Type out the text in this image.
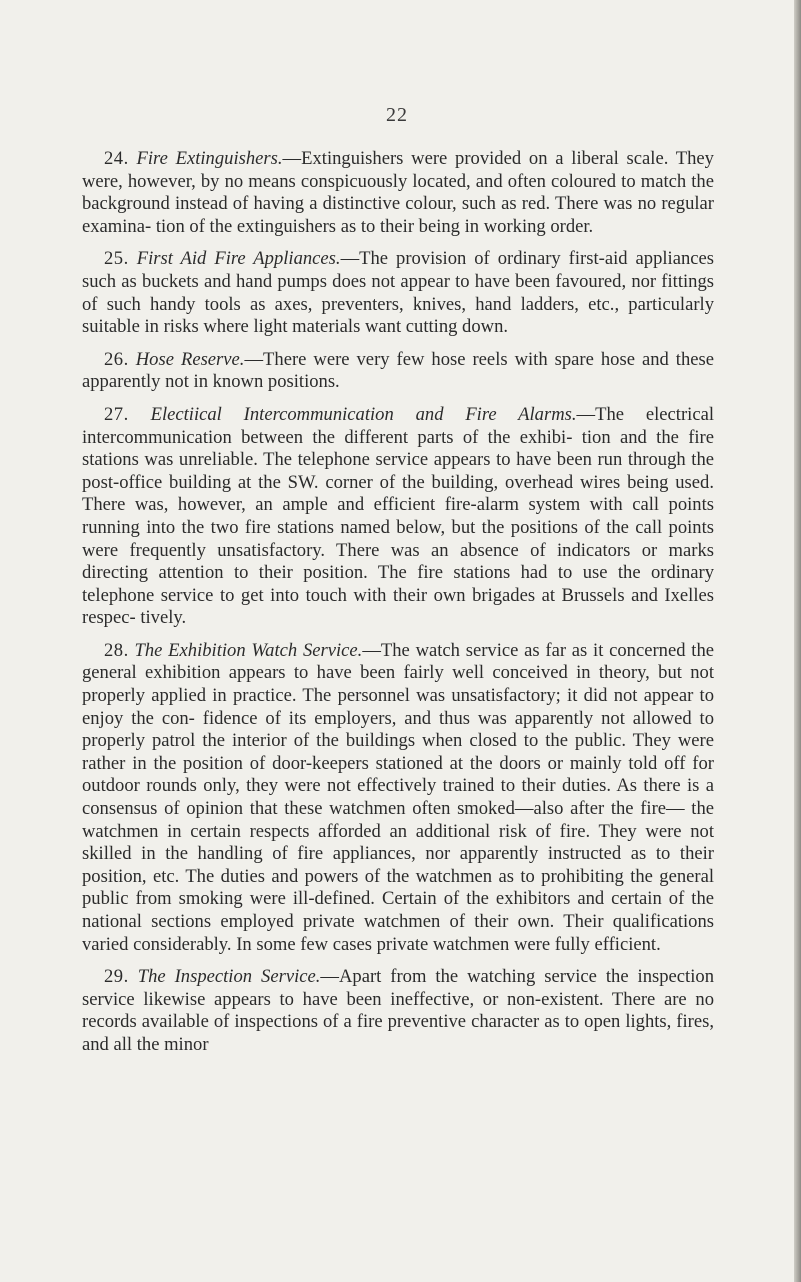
22

24. Fire Extinguishers.—Extinguishers were provided on a liberal scale. They were, however, by no means conspicuously located, and often coloured to match the background instead of having a distinctive colour, such as red. There was no regular examina- tion of the extinguishers as to their being in working order.

25. First Aid Fire Appliances.—The provision of ordinary first-aid appliances such as buckets and hand pumps does not appear to have been favoured, nor fittings of such handy tools as axes, preventers, knives, hand ladders, etc., particularly suitable in risks where light materials want cutting down.

26. Hose Reserve.—There were very few hose reels with spare hose and these apparently not in known positions.

27. Electiical Intercommunication and Fire Alarms.—The electrical intercommunication between the different parts of the exhibi- tion and the fire stations was unreliable. The telephone service appears to have been run through the post-office building at the SW. corner of the building, overhead wires being used. There was, however, an ample and efficient fire-alarm system with call points running into the two fire stations named below, but the positions of the call points were frequently unsatisfactory. There was an absence of indicators or marks directing attention to their position. The fire stations had to use the ordinary telephone service to get into touch with their own brigades at Brussels and Ixelles respec- tively.

28. The Exhibition Watch Service.—The watch service as far as it concerned the general exhibition appears to have been fairly well conceived in theory, but not properly applied in practice. The personnel was unsatisfactory; it did not appear to enjoy the con- fidence of its employers, and thus was apparently not allowed to properly patrol the interior of the buildings when closed to the public. They were rather in the position of door-keepers stationed at the doors or mainly told off for outdoor rounds only, they were not effectively trained to their duties. As there is a consensus of opinion that these watchmen often smoked—also after the fire— the watchmen in certain respects afforded an additional risk of fire. They were not skilled in the handling of fire appliances, nor apparently instructed as to their position, etc. The duties and powers of the watchmen as to prohibiting the general public from smoking were ill-defined. Certain of the exhibitors and certain of the national sections employed private watchmen of their own. Their qualifications varied considerably. In some few cases private watchmen were fully efficient.

29. The Inspection Service.—Apart from the watching service the inspection service likewise appears to have been ineffective, or non-existent. There are no records available of inspections of a fire preventive character as to open lights, fires, and all the minor
